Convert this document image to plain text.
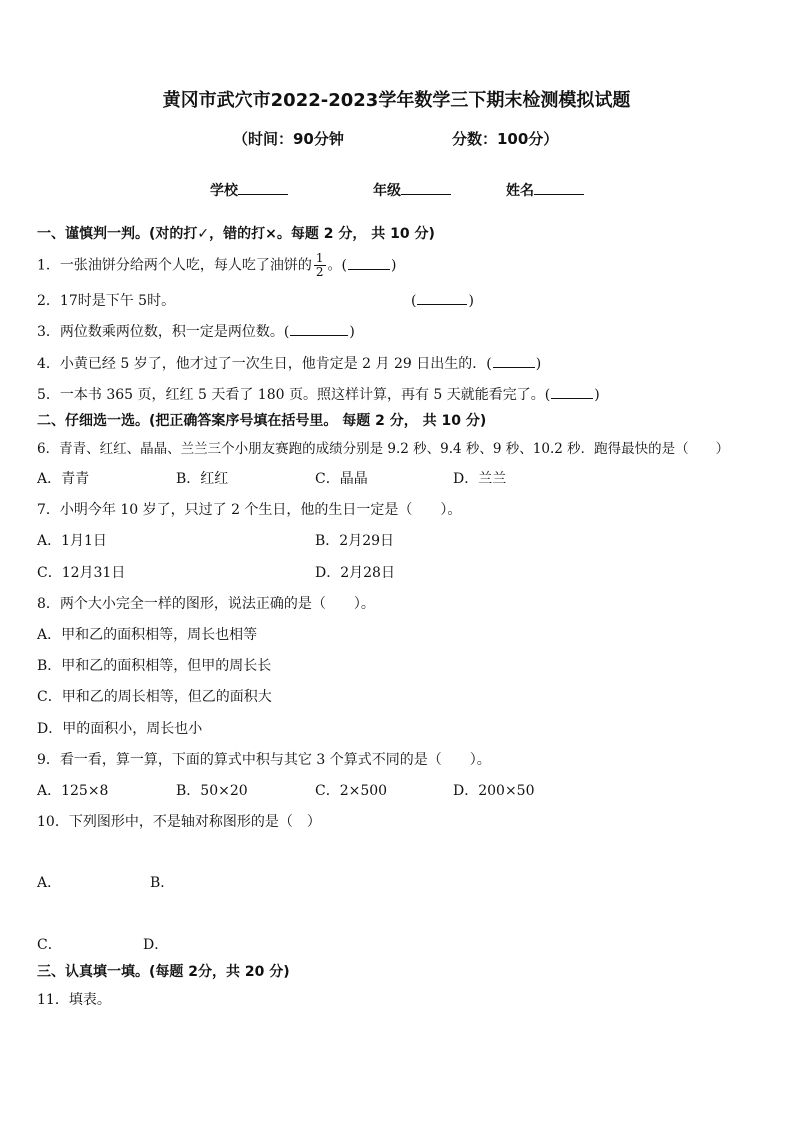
黄冈市武穴市2022-2023学年数学三下期末检测模拟试题
（时间：90分钟	分数：100分）
学校	年级	姓名
一、谨慎判一判。(对的打✓，错的打×。每题 2 分， 共 10 分)
1．一张油饼分给两个人吃，每人吃了油饼的 $\frac{1}{2}$ 。(	)
2．17时是下午 5时。	(	)
3．两位数乘两位数，积一定是两位数。(	)
4．小黄已经 5 岁了，他才过了一次生日，他肯定是 2 月 29 日出生的．(	)
5．一本书 365 页，红红 5 天看了 180 页。照这样计算，再有 5 天就能看完了。(	)
二、仔细选一选。(把正确答案序号填在括号里。 每题 2 分， 共 10 分)
6．青青、红红、晶晶、兰兰三个小朋友赛跑的成绩分别是 9.2 秒、9.4 秒、9 秒、10.2 秒．跑得最快的是（　　）
A．青青	B．红红	C．晶晶	D．兰兰
7．小明今年 10 岁了，只过了 2 个生日，他的生日一定是（　　）。
A．1月1日	B．2月29日
C．12月31日	D．2月28日
8．两个大小完全一样的图形，说法正确的是（　　）。
A．甲和乙的面积相等，周长也相等
B．甲和乙的面积相等，但甲的周长长
C．甲和乙的周长相等，但乙的面积大
D．甲的面积小，周长也小
9．看一看，算一算，下面的算式中积与其它 3 个算式不同的是（　　）。
A．125×8	B．50×20	C．2×500	D．200×50
10．下列图形中，不是轴对称图形的是（　）
A．	B．
C．	D．
三、认真填一填。(每题 2分，共 20 分)
11．填表。
